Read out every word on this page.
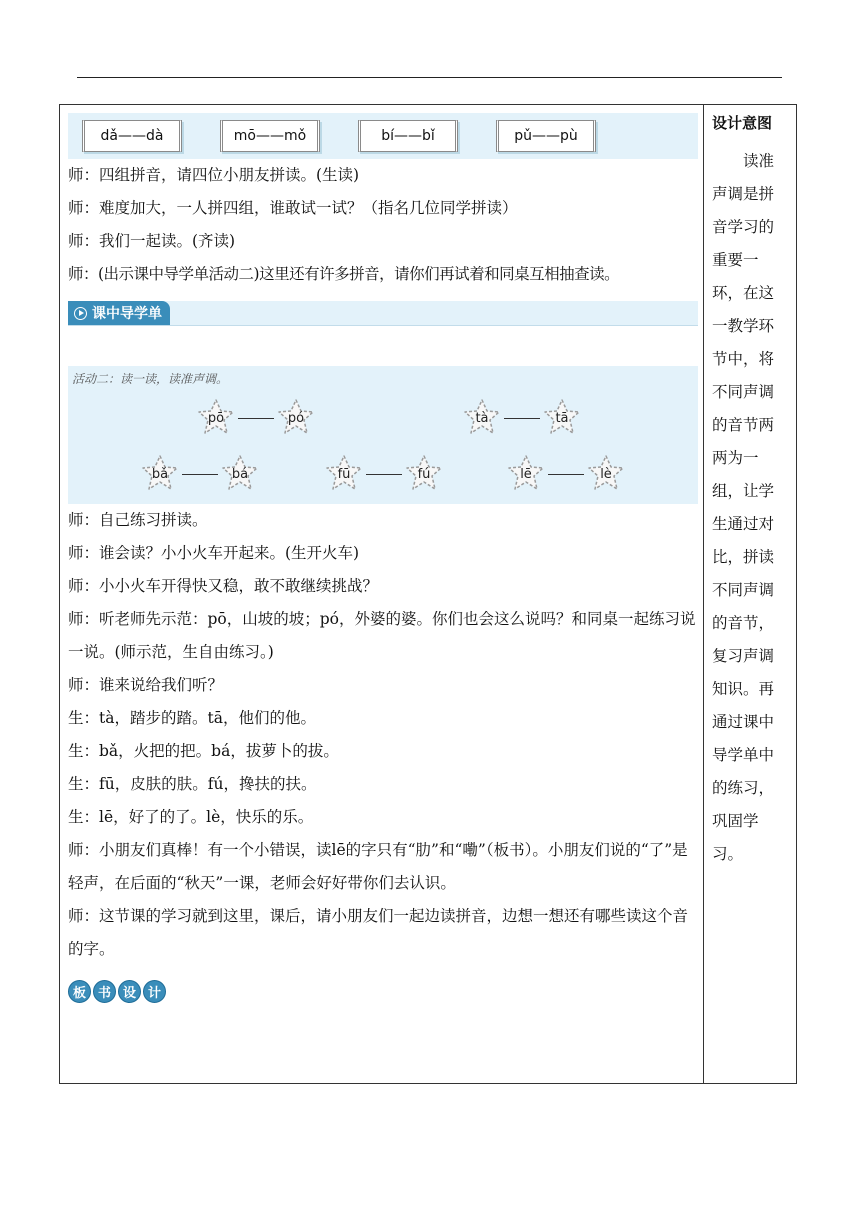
dǎ——dà	mō——mǒ	bí——bǐ	pǔ——pù
师：四组拼音，请四位小朋友拼读。(生读)
师：难度加大，一人拼四组，谁敢试一试？（指名几位同学拼读）
师：我们一起读。(齐读)
师：(出示课中导学单活动二)这里还有许多拼音，请你们再试着和同桌互相抽查读。
课中导学单
活动二：读一读，读准声调。
pō	pó	tà	tā
bǎ	bá	fū	fú	lē	lè
师：自己练习拼读。
师：谁会读？小小火车开起来。(生开火车)
师：小小火车开得快又稳，敢不敢继续挑战？
师：听老师先示范：pō，山坡的坡；pó，外婆的婆。你们也会这么说吗？和同桌一起练习说一说。(师示范，生自由练习。)
师：谁来说给我们听？
生：tà，踏步的踏。tā，他们的他。
生：bǎ，火把的把。bá，拔萝卜的拔。
生：fū，皮肤的肤。fú，搀扶的扶。
生：lē，好了的了。lè，快乐的乐。
师：小朋友们真棒！有一个小错误，读lē的字只有“肋”和“嘞”（板书）。小朋友们说的“了”是轻声，在后面的“秋天”一课，老师会好好带你们去认识。
师：这节课的学习就到这里，课后，请小朋友们一起边读拼音，边想一想还有哪些读这个音的字。
板 书 设 计
设计意图
读准声调是拼音学习的重要一环，在这一教学环节中，将不同声调的音节两两为一组，让学生通过对比，拼读不同声调的音节，复习声调知识。再通过课中导学单中的练习，巩固学习。
